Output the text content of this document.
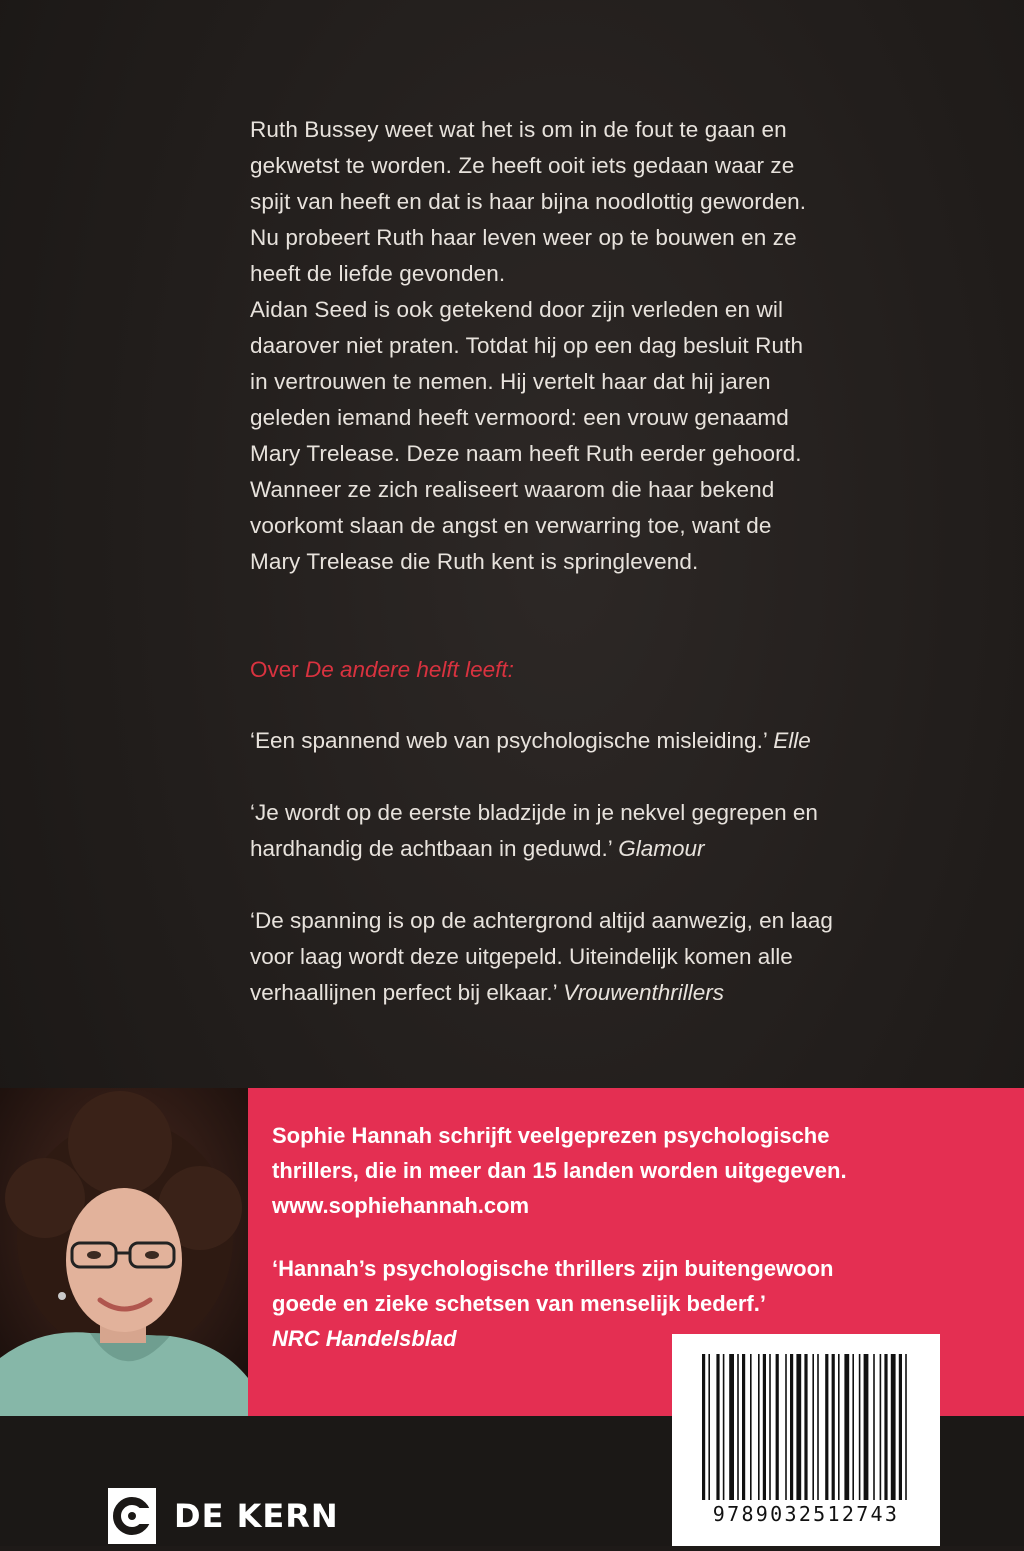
Ruth Bussey weet wat het is om in de fout te gaan en

gekwetst te worden. Ze heeft ooit iets gedaan waar ze

spijt van heeft en dat is haar bijna noodlottig geworden.

Nu probeert Ruth haar leven weer op te bouwen en ze

heeft de liefde gevonden.

Aidan Seed is ook getekend door zijn verleden en wil

daarover niet praten. Totdat hij op een dag besluit Ruth

in vertrouwen te nemen. Hij vertelt haar dat hij jaren

geleden iemand heeft vermoord: een vrouw genaamd

Mary Trelease. Deze naam heeft Ruth eerder gehoord.

Wanneer ze zich realiseert waarom die haar bekend

voorkomt slaan de angst en verwarring toe, want de

Mary Trelease die Ruth kent is springlevend.

Over De andere helft leeft:
‘Een spannend web van psychologische misleiding.’ Elle
‘Je wordt op de eerste bladzijde in je nekvel gegrepen en
hardhandig de achtbaan in geduwd.’ Glamour
‘De spanning is op de achtergrond altijd aanwezig, en laag
voor laag wordt deze uitgepeld. Uiteindelijk komen alle
verhaallijnen perfect bij elkaar.’ Vrouwenthrillers

Sophie Hannah schrijft veelgeprezen psychologische

thrillers, die in meer dan 15 landen worden uitgegeven.

www.sophiehannah.com

‘Hannah’s psychologische thrillers zijn buitengewoon

goede en zieke schetsen van menselijk bederf.’

NRC Handelsblad

DE KERN	9789032512743
